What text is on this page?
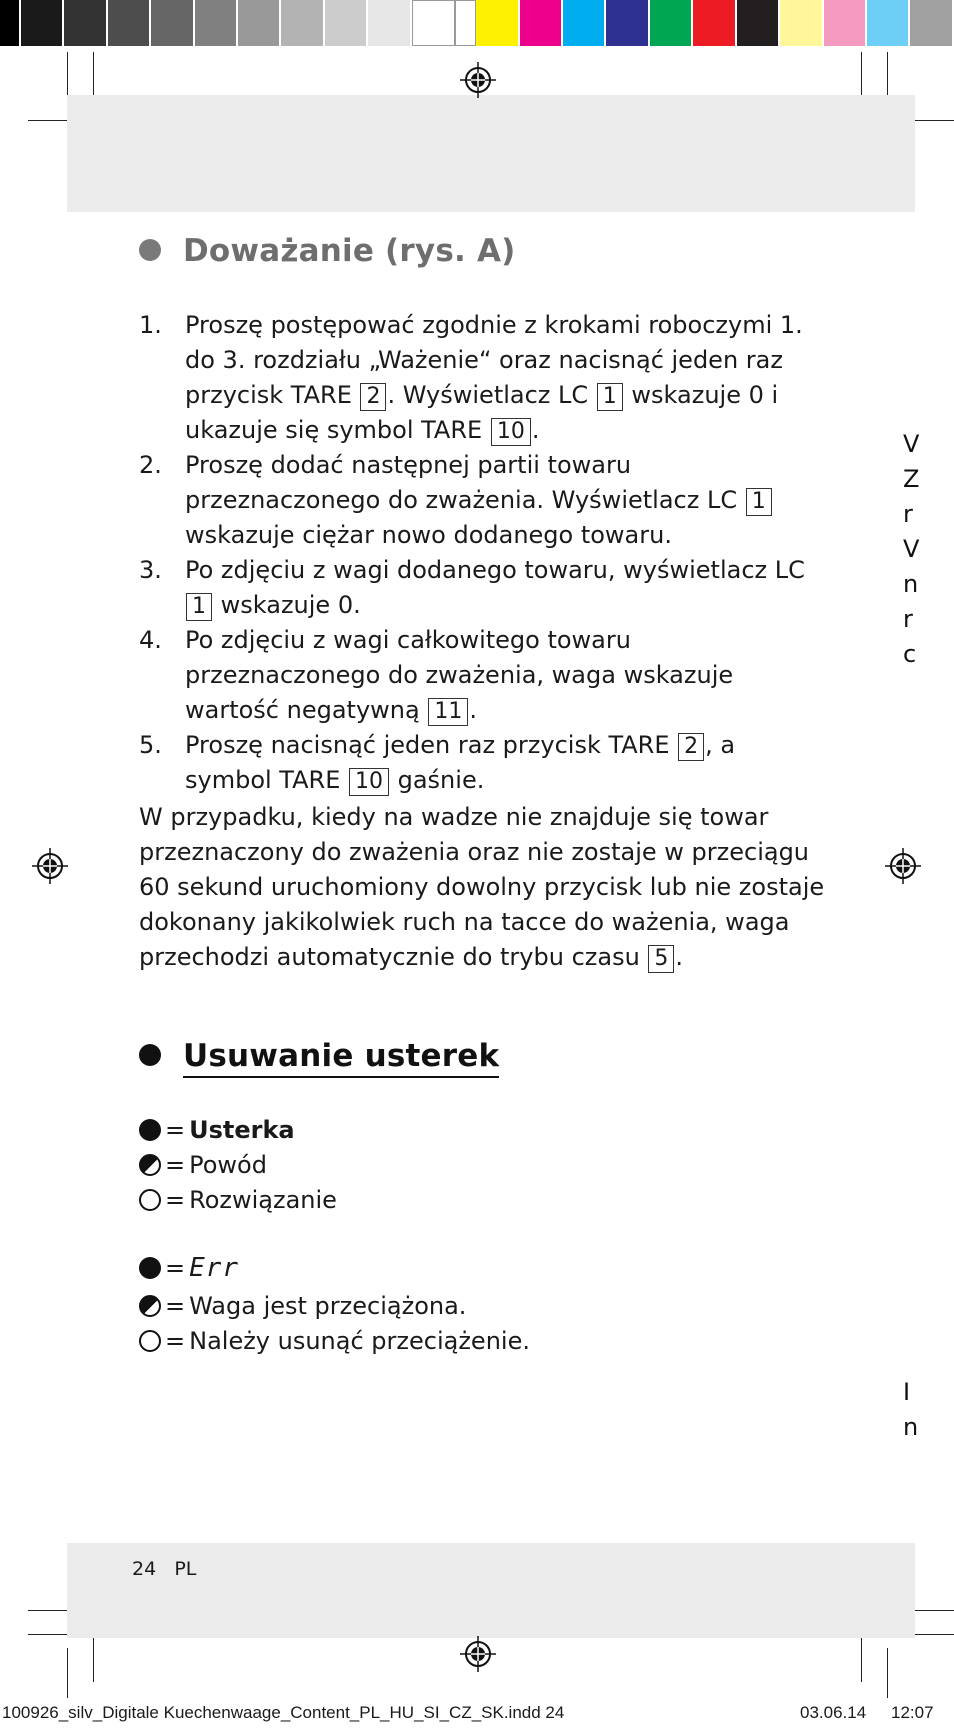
Doważanie (rys. A)
1. Proszę postępować zgodnie z krokami roboczymi 1. do 3. rozdziału „Ważenie“ oraz nacisnąć jeden raz przycisk TARE 2 . Wyświetlacz LC 1 wskazuje 0 i ukazuje się symbol TARE 10 .
2. Proszę dodać następnej partii towaru przeznaczonego do zważenia. Wyświetlacz LC 1 wskazuje ciężar nowo dodanego towaru.
3. Po zdjęciu z wagi dodanego towaru, wyświetlacz LC 1 wskazuje 0.
4. Po zdjęciu z wagi całkowitego towaru przeznaczonego do zważenia, waga wskazuje wartość negatywną 11 .
5. Proszę nacisnąć jeden raz przycisk TARE 2 , a symbol TARE 10 gaśnie.
W przypadku, kiedy na wadze nie znajduje się towar przeznaczony do zważenia oraz nie zostaje w przeciągu 60 sekund uruchomiony dowolny przycisk lub nie zostaje dokonany jakikolwiek ruch na tacce do ważenia, waga przechodzi automatycznie do trybu czasu 5 .
Usuwanie usterek
= Usterka
= Powód
= Rozwiązanie
= Err
= Waga jest przeciążona.
= Należy usunąć przeciążenie.
V
Z
r
V
n
r
c
I
n
24 PL
100926_silv_Digitale Kuechenwaage_Content_PL_HU_SI_CZ_SK.indd 24	03.06.14 12:07
